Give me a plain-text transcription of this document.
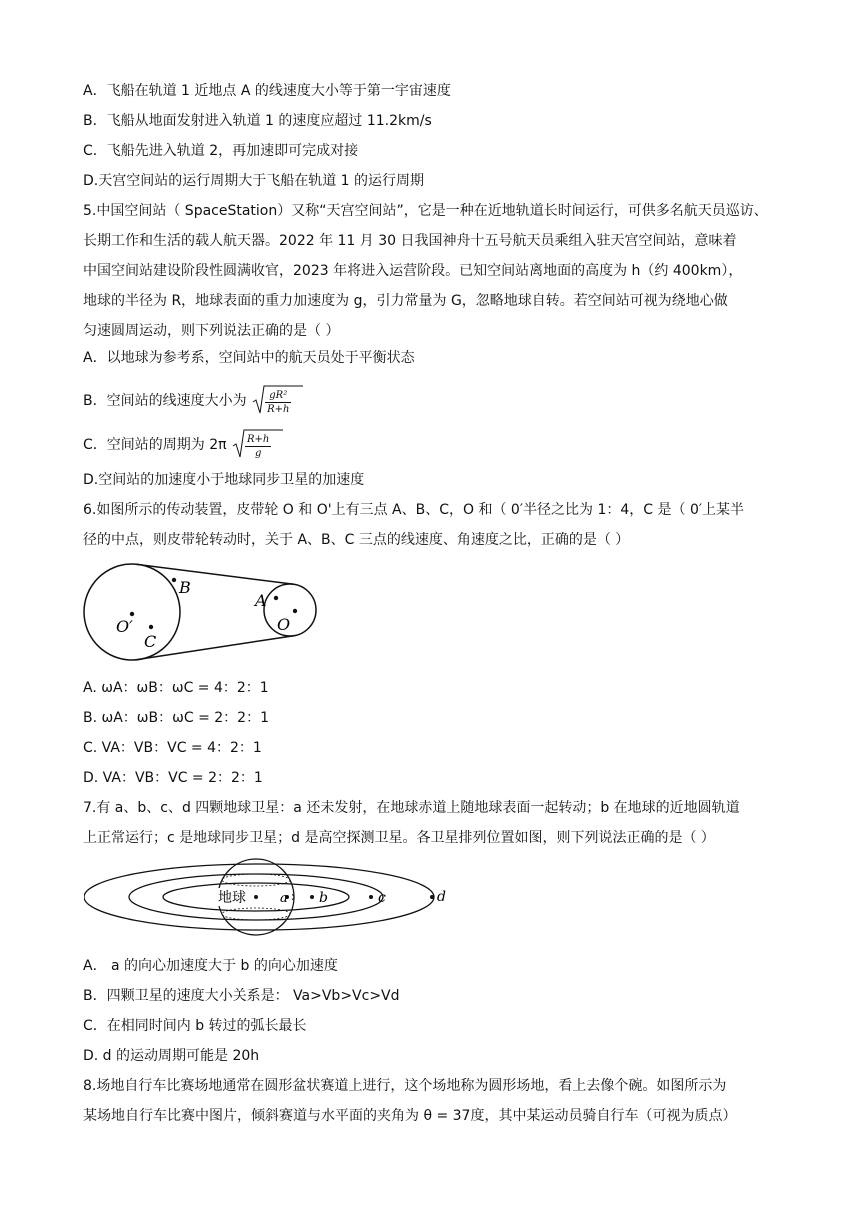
A．飞船在轨道 1 近地点 A 的线速度大小等于第一宇宙速度
B．飞船从地面发射进入轨道 1 的速度应超过 11.2km/s
C．飞船先进入轨道 2，再加速即可完成对接
D.天宫空间站的运行周期大于飞船在轨道 1 的运行周期
5.中国空间站（ SpaceStation）又称“天宫空间站”，它是一种在近地轨道长时间运行，可供多名航天员巡访、
长期工作和生活的载人航天器。2022 年 11 月 30 日我国神舟十五号航天员乘组入驻天宫空间站，意味着
中国空间站建设阶段性圆满收官，2023 年将进入运营阶段。已知空间站离地面的高度为 h（约 400km），
地球的半径为 R，地球表面的重力加速度为 g，引力常量为 G，忽略地球自转。若空间站可视为绕地心做
匀速圆周运动，则下列说法正确的是（ ）
A．以地球为参考系，空间站中的航天员处于平衡状态
B．空间站的线速度大小为 $\frac{\text{gR²}}{R+h}$
C．空间站的周期为 $2\pi \frac{R+h}{g}$
D.空间站的加速度小于地球同步卫星的加速度
6.如图所示的传动装置，皮带轮 O 和 O'上有三点 A、B、C，O 和（ 0′半径之比为 1：4，C 是（ 0′上某半
径的中点，则皮带轮转动时，关于 A、B、C 三点的线速度、角速度之比，正确的是（ ）
B
A
O′
C
O
A. ωA：ωB：ωC = 4：2：1
B. ωA：ωB：ωC = 2：2：1
C. VA：VB：VC = 4：2：1
D. VA：VB：VC = 2：2：1
7.有 a、b、c、d 四颗地球卫星：a 还未发射，在地球赤道上随地球表面一起转动；b 在地球的近地圆轨道
上正常运行；c 是地球同步卫星；d 是高空探测卫星。各卫星排列位置如图，则下列说法正确的是（ ）
地球	a b	c	d
A． a 的向心加速度大于 b 的向心加速度
B．四颗卫星的速度大小关系是： Va>Vb>Vc>Vd
C．在相同时间内 b 转过的弧长最长
D. d 的运动周期可能是 20h
8.场地自行车比赛场地通常在圆形盆状赛道上进行，这个场地称为圆形场地，看上去像个碗。如图所示为
某场地自行车比赛中图片，倾斜赛道与水平面的夹角为 θ = 37度，其中某运动员骑自行车（可视为质点）
